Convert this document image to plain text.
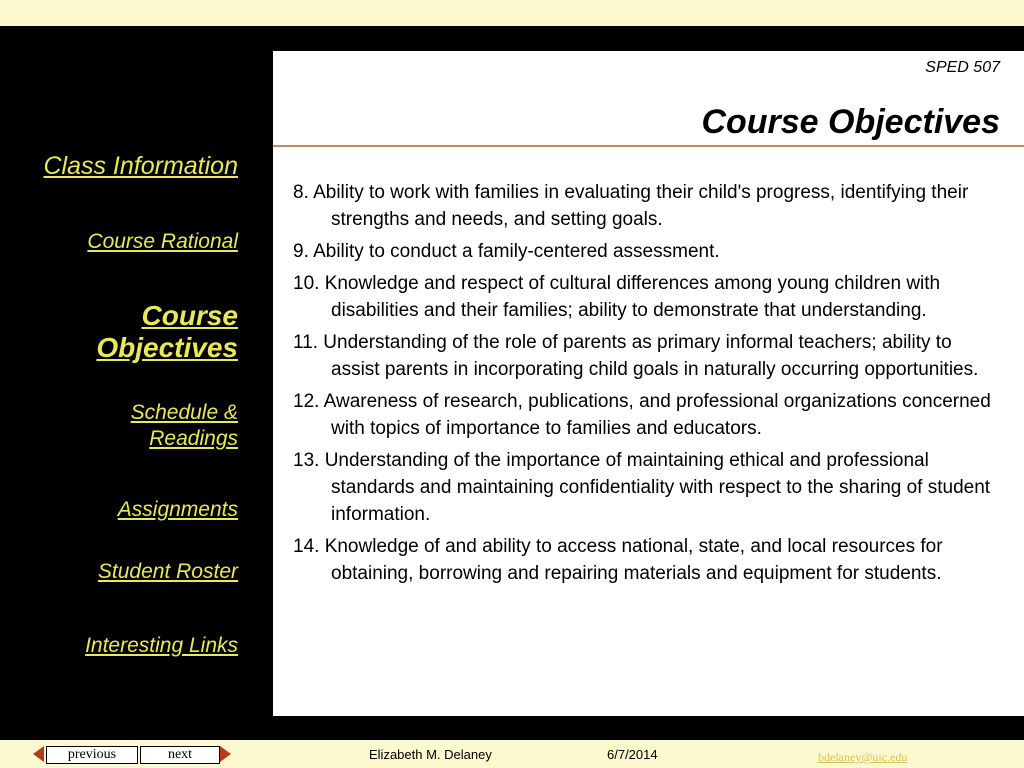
Class Information
Course Rational
Course Objectives
Schedule & Readings
Assignments
Student Roster
Interesting Links
SPED 507
Course Objectives
8. Ability to work with families in evaluating their child's progress, identifying their strengths and needs, and setting goals.
9. Ability to conduct a family-centered assessment.
10. Knowledge and respect of cultural differences among young children with disabilities and their families; ability to demonstrate that understanding.
11. Understanding of the role of parents as primary informal teachers; ability to assist parents in incorporating child goals in naturally occurring opportunities.
12. Awareness of research, publications, and professional organizations concerned with topics of importance to families and educators.
13. Understanding of the importance of maintaining ethical and professional standards and maintaining confidentiality with respect to the sharing of student information.
14. Knowledge of and ability to access national, state, and local resources for obtaining, borrowing and repairing materials and equipment for students.
previous	next	Elizabeth M. Delaney	6/7/2014	bdelaney@uic.edu
